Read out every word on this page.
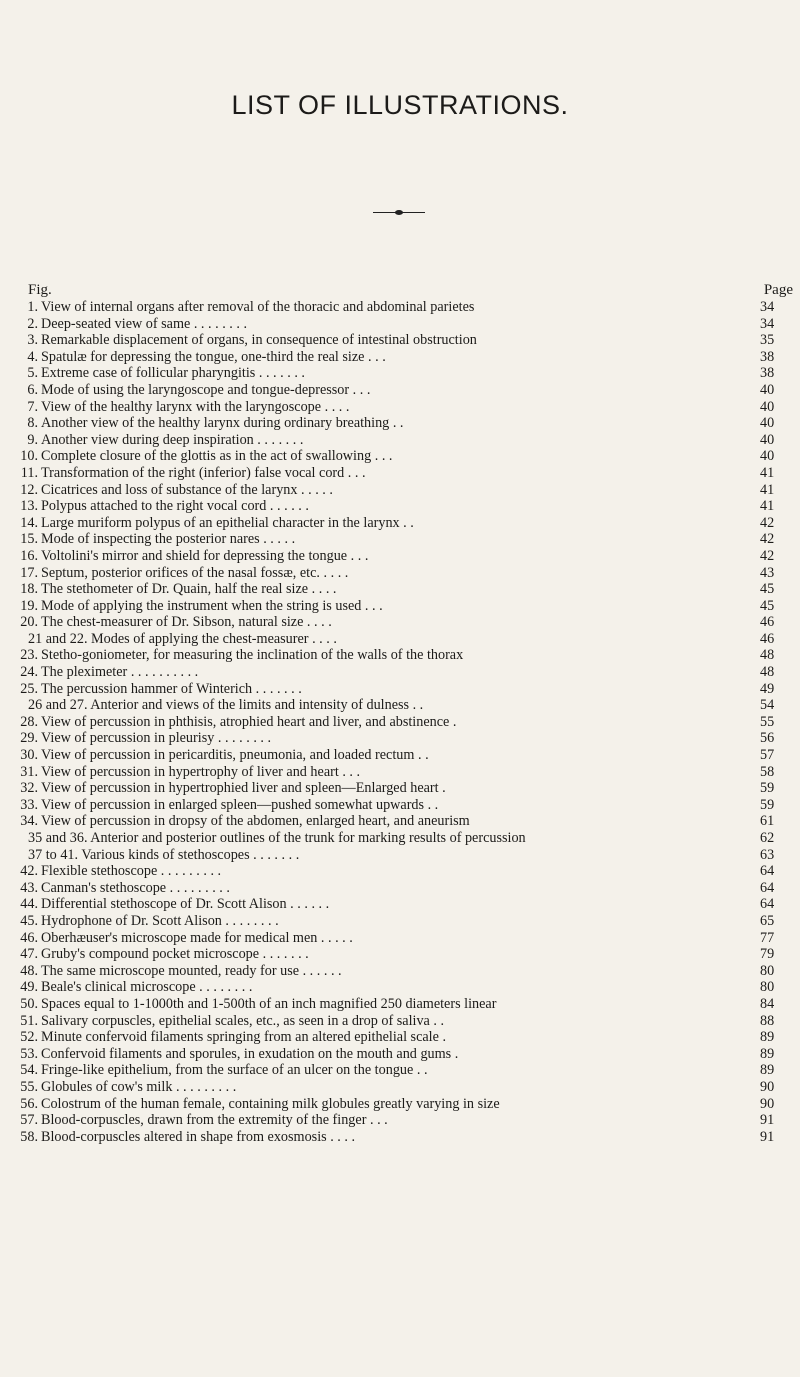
LIST OF ILLUSTRATIONS.
Fig.	Page
1. View of internal organs after removal of the thoracic and abdominal parietes	34
2. Deep-seated view of same . . . . . . . .	34
3. Remarkable displacement of organs, in consequence of intestinal obstruction	35
4. Spatulæ for depressing the tongue, one-third the real size . . .	38
5. Extreme case of follicular pharyngitis . . . . . . .	38
6. Mode of using the laryngoscope and tongue-depressor . . .	40
7. View of the healthy larynx with the laryngoscope . . . .	40
8. Another view of the healthy larynx during ordinary breathing . .	40
9. Another view during deep inspiration . . . . . . .	40
10. Complete closure of the glottis as in the act of swallowing . . .	40
11. Transformation of the right (inferior) false vocal cord . . .	41
12. Cicatrices and loss of substance of the larynx . . . . .	41
13. Polypus attached to the right vocal cord . . . . . .	41
14. Large muriform polypus of an epithelial character in the larynx . .	42
15. Mode of inspecting the posterior nares . . . . .	42
16. Voltolini's mirror and shield for depressing the tongue . . .	42
17. Septum, posterior orifices of the nasal fossæ, etc. . . . .	43
18. The stethometer of Dr. Quain, half the real size . . . .	45
19. Mode of applying the instrument when the string is used . . .	45
20. The chest-measurer of Dr. Sibson, natural size . . . .	46
21 and 22. Modes of applying the chest-measurer . . . .	46
23. Stetho-goniometer, for measuring the inclination of the walls of the thorax	48
24. The pleximeter . . . . . . . . . .	48
25. The percussion hammer of Winterich . . . . . . .	49
26 and 27. Anterior and views of the limits and intensity of dulness . .	54
28. View of percussion in phthisis, atrophied heart and liver, and abstinence .	55
29. View of percussion in pleurisy . . . . . . . .	56
30. View of percussion in pericarditis, pneumonia, and loaded rectum . .	57
31. View of percussion in hypertrophy of liver and heart . . .	58
32. View of percussion in hypertrophied liver and spleen—Enlarged heart .	59
33. View of percussion in enlarged spleen—pushed somewhat upwards . .	59
34. View of percussion in dropsy of the abdomen, enlarged heart, and aneurism	61
35 and 36. Anterior and posterior outlines of the trunk for marking results of percussion	62
37 to 41. Various kinds of stethoscopes . . . . . . .	63
42. Flexible stethoscope . . . . . . . . .	64
43. Canman's stethoscope . . . . . . . . .	64
44. Differential stethoscope of Dr. Scott Alison . . . . . .	64
45. Hydrophone of Dr. Scott Alison . . . . . . . .	65
46. Oberhæuser's microscope made for medical men . . . . .	77
47. Gruby's compound pocket microscope . . . . . . .	79
48. The same microscope mounted, ready for use . . . . . .	80
49. Beale's clinical microscope . . . . . . . .	80
50. Spaces equal to 1-1000th and 1-500th of an inch magnified 250 diameters linear	84
51. Salivary corpuscles, epithelial scales, etc., as seen in a drop of saliva . .	88
52. Minute confervoid filaments springing from an altered epithelial scale .	89
53. Confervoid filaments and sporules, in exudation on the mouth and gums .	89
54. Fringe-like epithelium, from the surface of an ulcer on the tongue . .	89
55. Globules of cow's milk . . . . . . . . .	90
56. Colostrum of the human female, containing milk globules greatly varying in size	90
57. Blood-corpuscles, drawn from the extremity of the finger . . .	91
58. Blood-corpuscles altered in shape from exosmosis . . . .	91
